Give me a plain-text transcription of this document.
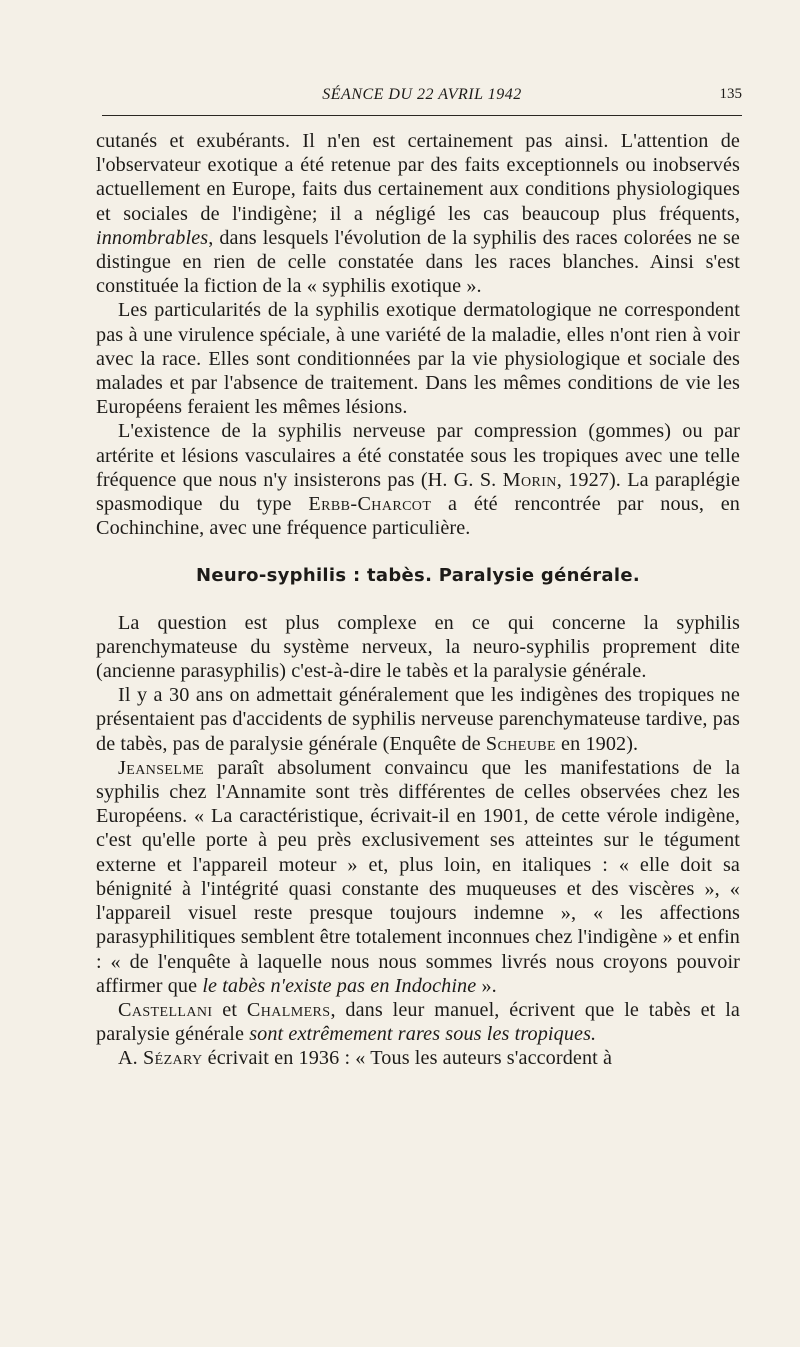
SÉANCE DU 22 AVRIL 1942	135

cutanés et exubérants. Il n'en est certainement pas ainsi. L'attention de l'observateur exotique a été retenue par des faits exceptionnels ou inobservés actuellement en Europe, faits dus certainement aux conditions physiologiques et sociales de l'indigène; il a négligé les cas beaucoup plus fréquents, innombrables, dans lesquels l'évolution de la syphilis des races colorées ne se distingue en rien de celle constatée dans les races blanches. Ainsi s'est constituée la fiction de la « syphilis exotique ».

Les particularités de la syphilis exotique dermatologique ne correspondent pas à une virulence spéciale, à une variété de la maladie, elles n'ont rien à voir avec la race. Elles sont conditionnées par la vie physiologique et sociale des malades et par l'absence de traitement. Dans les mêmes conditions de vie les Européens feraient les mêmes lésions.

L'existence de la syphilis nerveuse par compression (gommes) ou par artérite et lésions vasculaires a été constatée sous les tropiques avec une telle fréquence que nous n'y insisterons pas (H. G. S. Morin, 1927). La paraplégie spasmodique du type Erbb-Charcot a été rencontrée par nous, en Cochinchine, avec une fréquence particulière.

Neuro-syphilis : tabès. Paralysie générale.

La question est plus complexe en ce qui concerne la syphilis parenchymateuse du système nerveux, la neuro-syphilis proprement dite (ancienne parasyphilis) c'est-à-dire le tabès et la paralysie générale.

Il y a 30 ans on admettait généralement que les indigènes des tropiques ne présentaient pas d'accidents de syphilis nerveuse parenchymateuse tardive, pas de tabès, pas de paralysie générale (Enquête de Scheube en 1902).

Jeanselme paraît absolument convaincu que les manifestations de la syphilis chez l'Annamite sont très différentes de celles observées chez les Européens. « La caractéristique, écrivait-il en 1901, de cette vérole indigène, c'est qu'elle porte à peu près exclusivement ses atteintes sur le tégument externe et l'appareil moteur » et, plus loin, en italiques : « elle doit sa bénignité à l'intégrité quasi constante des muqueuses et des viscères », « l'appareil visuel reste presque toujours indemne », « les affections parasyphilitiques semblent être totalement inconnues chez l'indigène » et enfin : « de l'enquête à laquelle nous nous sommes livrés nous croyons pouvoir affirmer que le tabès n'existe pas en Indochine ».

Castellani et Chalmers, dans leur manuel, écrivent que le tabès et la paralysie générale sont extrêmement rares sous les tropiques.

A. Sézary écrivait en 1936 : « Tous les auteurs s'accordent à
